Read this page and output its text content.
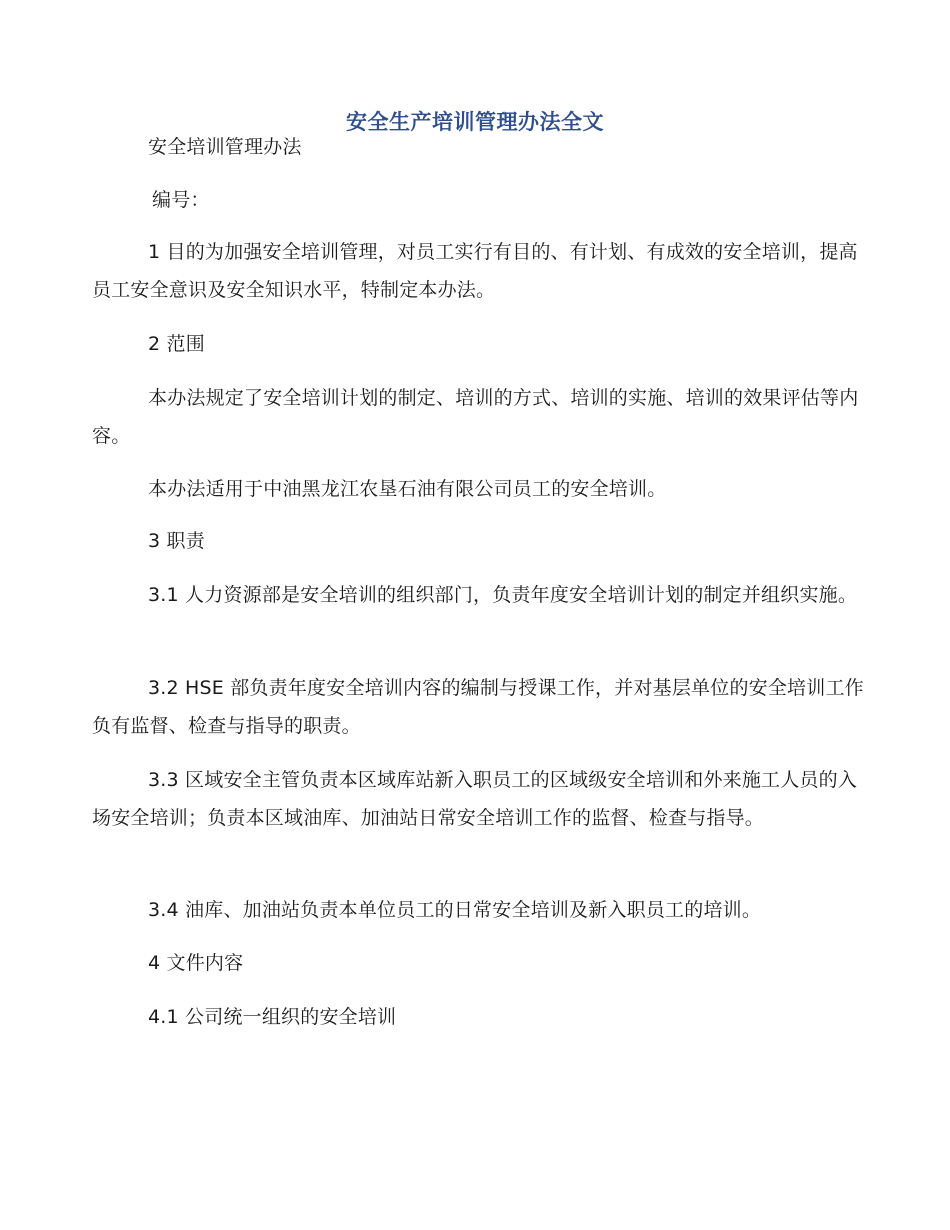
安全生产培训管理办法全文

安全培训管理办法

编号：

1 目的为加强安全培训管理，对员工实行有目的、有计划、有成效的安全培训，提高员工安全意识及安全知识水平，特制定本办法。

2 范围

本办法规定了安全培训计划的制定、培训的方式、培训的实施、培训的效果评估等内容。

本办法适用于中油黑龙江农垦石油有限公司员工的安全培训。

3 职责

3.1 人力资源部是安全培训的组织部门，负责年度安全培训计划的制定并组织实施。

3.2 HSE 部负责年度安全培训内容的编制与授课工作，并对基层单位的安全培训工作负有监督、检查与指导的职责。

3.3 区域安全主管负责本区域库站新入职员工的区域级安全培训和外来施工人员的入场安全培训；负责本区域油库、加油站日常安全培训工作的监督、检查与指导。

3.4 油库、加油站负责本单位员工的日常安全培训及新入职员工的培训。

4 文件内容

4.1 公司统一组织的安全培训
